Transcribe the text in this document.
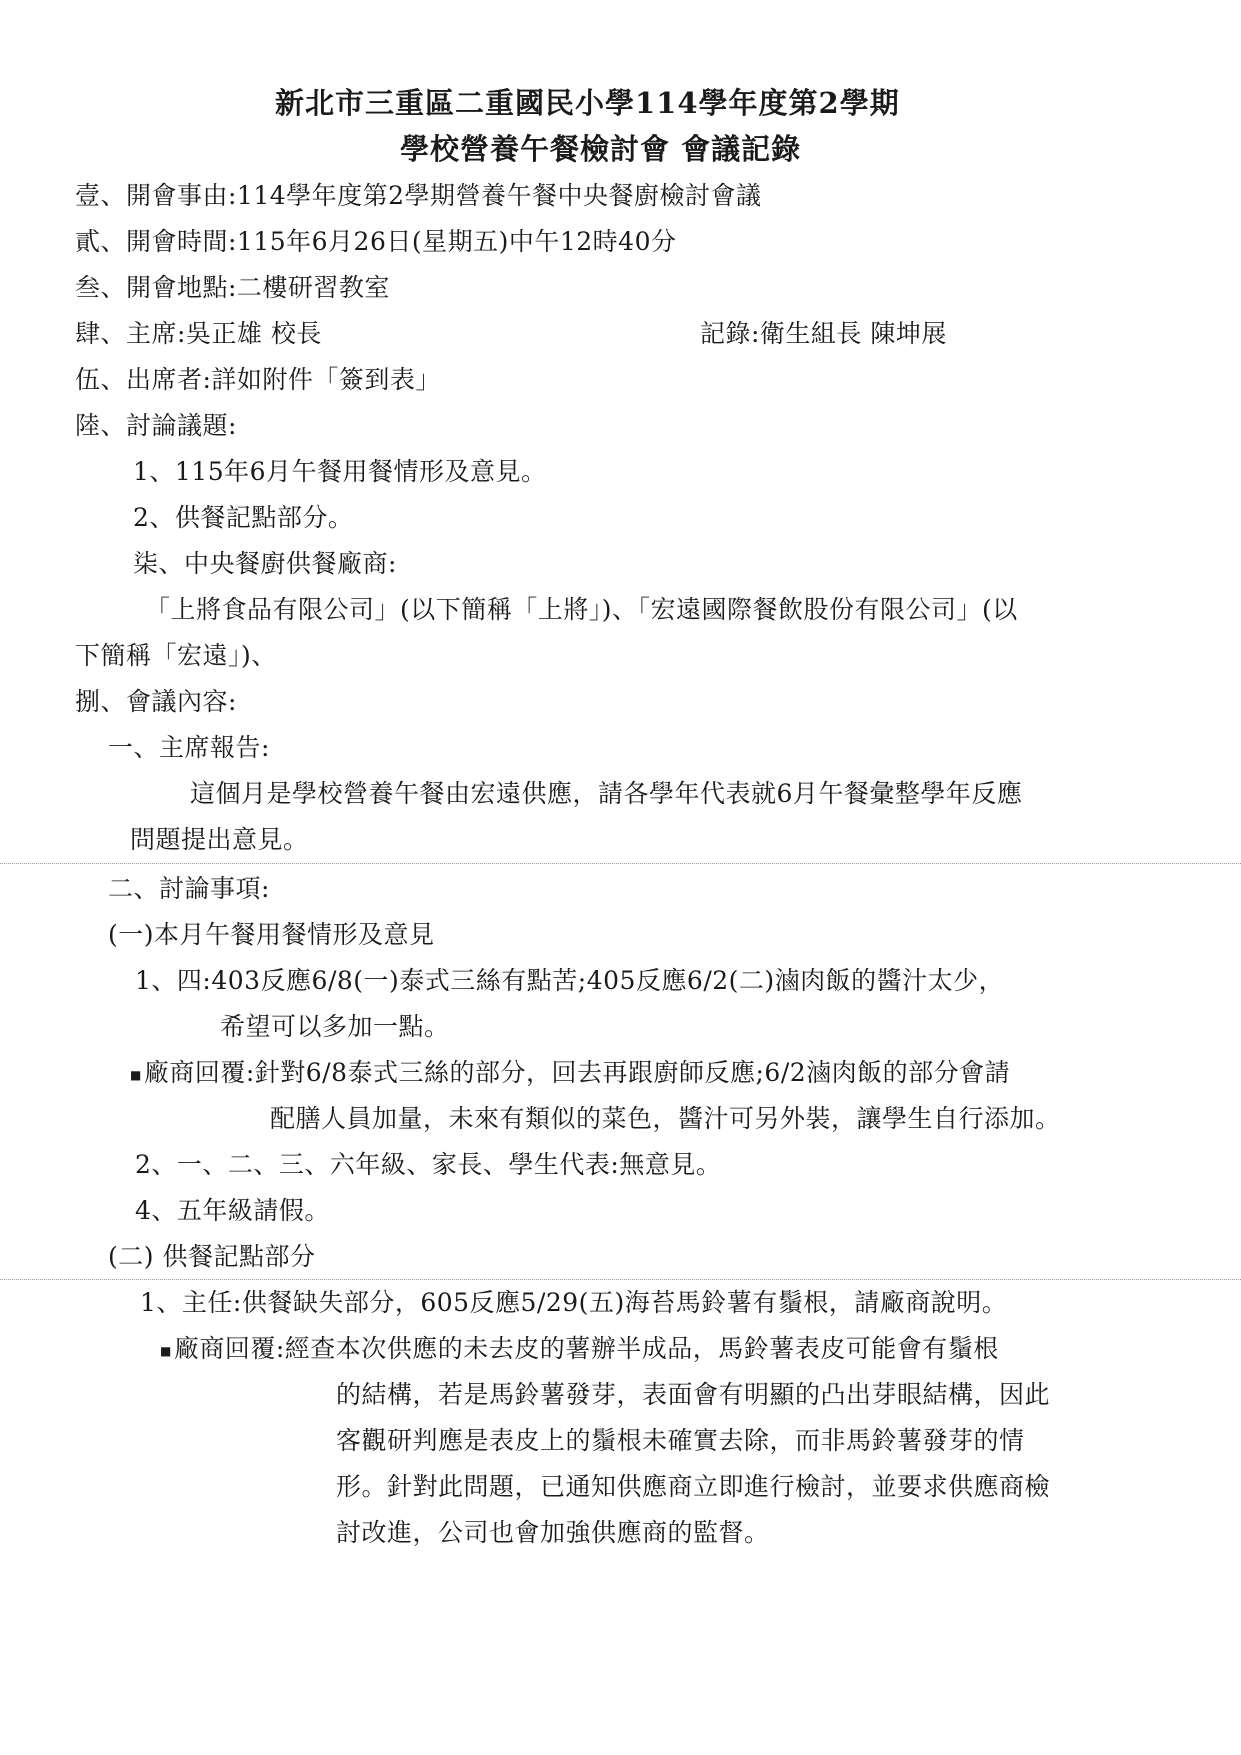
新北市三重區二重國民小學114學年度第2學期
學校營養午餐檢討會 會議記錄
壹、開會事由:114學年度第2學期營養午餐中央餐廚檢討會議
貳、開會時間:115年6月26日(星期五)中午12時40分
叁、開會地點:二樓研習教室
肆、主席:吳正雄 校長	記錄:衛生組長 陳坤展
伍、出席者:詳如附件「簽到表」
陸、討論議題:
1、115年6月午餐用餐情形及意見。
2、供餐記點部分。
柒、中央餐廚供餐廠商:
「上將食品有限公司」(以下簡稱「上將」)、「宏遠國際餐飲股份有限公司」(以
下簡稱「宏遠」)、
捌、會議內容:
一、主席報告:
這個月是學校營養午餐由宏遠供應，請各學年代表就6月午餐彙整學年反應
問題提出意見。
二、討論事項:
(一)本月午餐用餐情形及意見
1、四:403反應6/8(一)泰式三絲有點苦;405反應6/2(二)滷肉飯的醬汁太少，
希望可以多加一點。
■廠商回覆:針對6/8泰式三絲的部分，回去再跟廚師反應;6/2滷肉飯的部分會請
配膳人員加量，未來有類似的菜色，醬汁可另外裝，讓學生自行添加。
2、一、二、三、六年級、家長、學生代表:無意見。
4、五年級請假。
(二) 供餐記點部分
1、主任:供餐缺失部分，605反應5/29(五)海苔馬鈴薯有鬚根，請廠商說明。
■廠商回覆:經查本次供應的未去皮的薯辦半成品，馬鈴薯表皮可能會有鬚根
的結構，若是馬鈴薯發芽，表面會有明顯的凸出芽眼結構，因此
客觀研判應是表皮上的鬚根未確實去除，而非馬鈴薯發芽的情
形。針對此問題，已通知供應商立即進行檢討，並要求供應商檢
討改進，公司也會加強供應商的監督。
